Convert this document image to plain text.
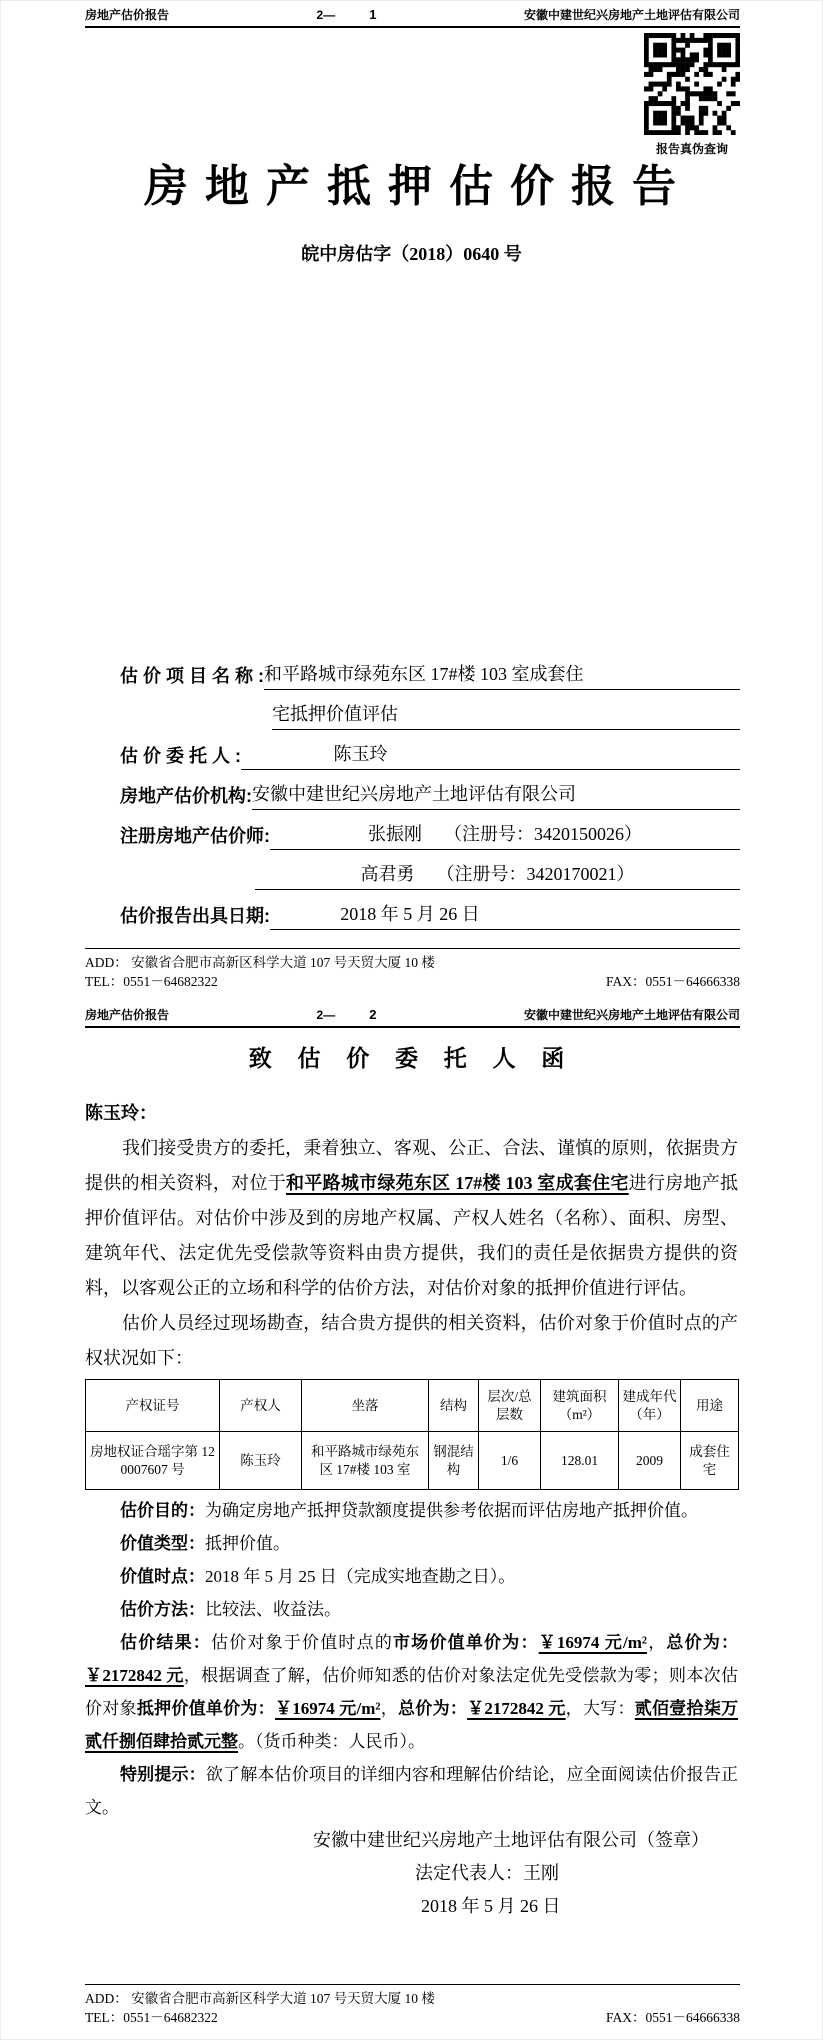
房地产估价报告	2—	1	安徽中建世纪兴房地产土地评估有限公司
报告真伪查询
房 地 产 抵 押 估 价 报 告
皖中房估字（2018）0640 号
估 价 项 目 名 称 : 和平路城市绿苑东区 17#楼 103 室成套住
宅抵押价值评估
估 价 委 托 人 :	陈玉玲
房地产估价机构: 安徽中建世纪兴房地产土地评估有限公司
注册房地产估价师:	张振刚 （注册号：3420150026）
高君勇 （注册号：3420170021）
估价报告出具日期:	2018 年 5 月 26 日
ADD： 安徽省合肥市高新区科学大道 107 号天贸大厦 10 楼
TEL：0551－64682322	FAX：0551－64666338
房地产估价报告	2—	2	安徽中建世纪兴房地产土地评估有限公司
致 估 价 委 托 人 函
陈玉玲：

我们接受贵方的委托，秉着独立、客观、公正、合法、谨慎的原则，依据贵方提供的相关资料，对位于和平路城市绿苑东区 17#楼 103 室成套住宅进行房地产抵押价值评估。对估价中涉及到的房地产权属、产权人姓名（名称）、面积、房型、建筑年代、法定优先受偿款等资料由贵方提供，我们的责任是依据贵方提供的资料，以客观公正的立场和科学的估价方法，对估价对象的抵押价值进行评估。

估价人员经过现场勘查，结合贵方提供的相关资料，估价对象于价值时点的产权状况如下：

产权证号	产权人	坐落	结构	层次/总层数	建筑面积（m²）	建成年代（年）	用途
房地权证合瑶字第 120007607 号	陈玉玲	和平路城市绿苑东区 17#楼 103 室	钢混结构	1/6	128.01	2009	成套住宅

估价目的：为确定房地产抵押贷款额度提供参考依据而评估房地产抵押价值。

价值类型：抵押价值。

价值时点：2018 年 5 月 25 日（完成实地查勘之日）。

估价方法：比较法、收益法。

估价结果：估价对象于价值时点的市场价值单价为：￥16974 元/m²，总价为：￥2172842 元，根据调查了解，估价师知悉的估价对象法定优先受偿款为零；则本次估价对象抵押价值单价为：￥16974 元/m²，总价为：￥2172842 元，大写：贰佰壹拾柒万贰仟捌佰肆拾贰元整。（货币种类：人民币）。

特别提示：欲了解本估价项目的详细内容和理解估价结论，应全面阅读估价报告正文。

安徽中建世纪兴房地产土地评估有限公司（签章）

法定代表人：王刚

2018 年 5 月 26 日

ADD： 安徽省合肥市高新区科学大道 107 号天贸大厦 10 楼
TEL：0551－64682322	FAX：0551－64666338
